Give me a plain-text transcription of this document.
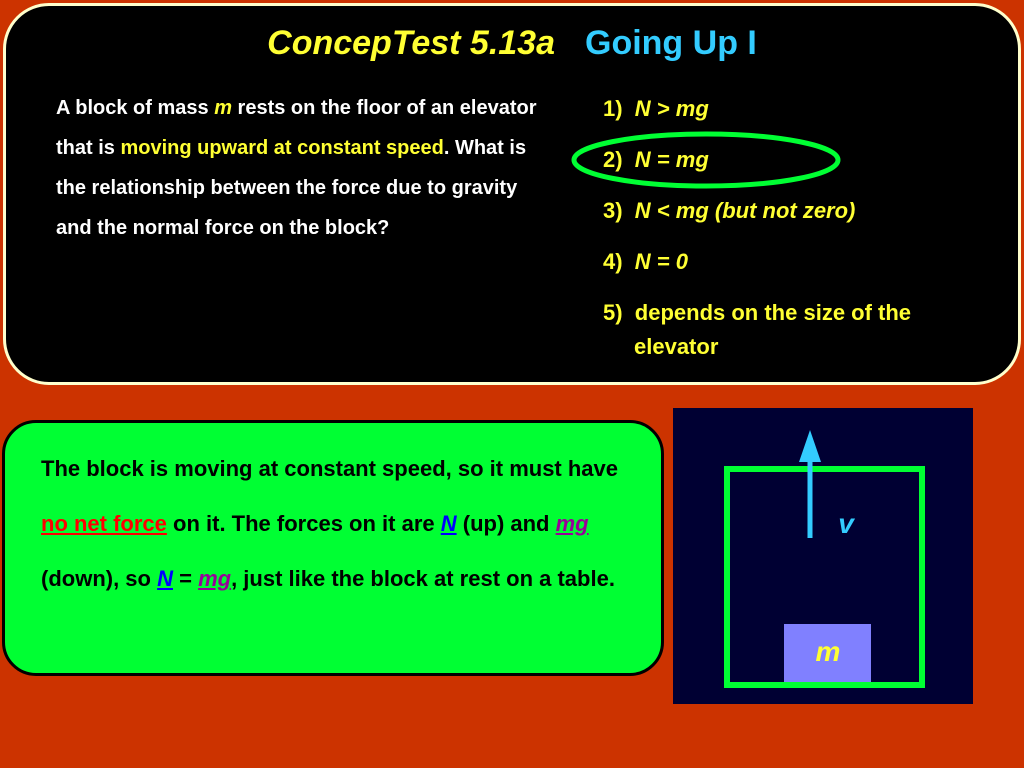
ConcepTest 5.13a Going Up I
A block of mass m rests on the floor of an elevator that is moving upward at constant speed. What is the relationship between the force due to gravity and the normal force on the block?
1) N > mg
2) N = mg
3) N < mg (but not zero)
4) N = 0
5) depends on the size of the
elevator
The block is moving at constant speed, so it must have no net force on it. The forces on it are N (up) and mg (down), so N = mg, just like the block at rest on a table.
m
v
